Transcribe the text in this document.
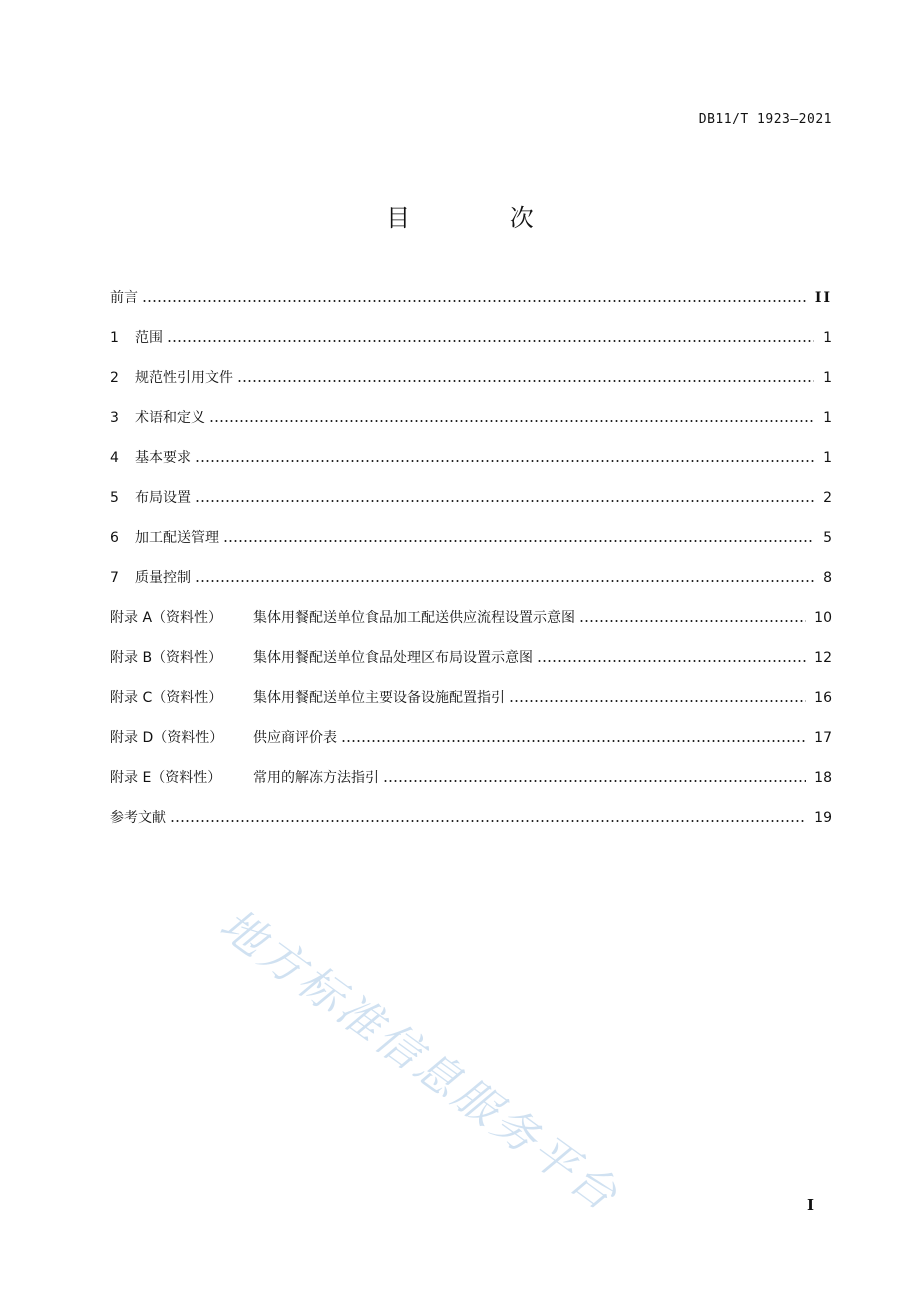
DB11/T 1923—2021
目 次
前言	II
1	范围	1
2	规范性引用文件	1
3	术语和定义	1
4	基本要求	1
5	布局设置	2
6	加工配送管理	5
7	质量控制	8
附录 A（资料性）	集体用餐配送单位食品加工配送供应流程设置示意图	10
附录 B（资料性）	集体用餐配送单位食品处理区布局设置示意图	12
附录 C（资料性）	集体用餐配送单位主要设备设施配置指引	16
附录 D（资料性）	供应商评价表	17
附录 E（资料性）	常用的解冻方法指引	18
参考文献	19
地方标准信息服务平台	I
